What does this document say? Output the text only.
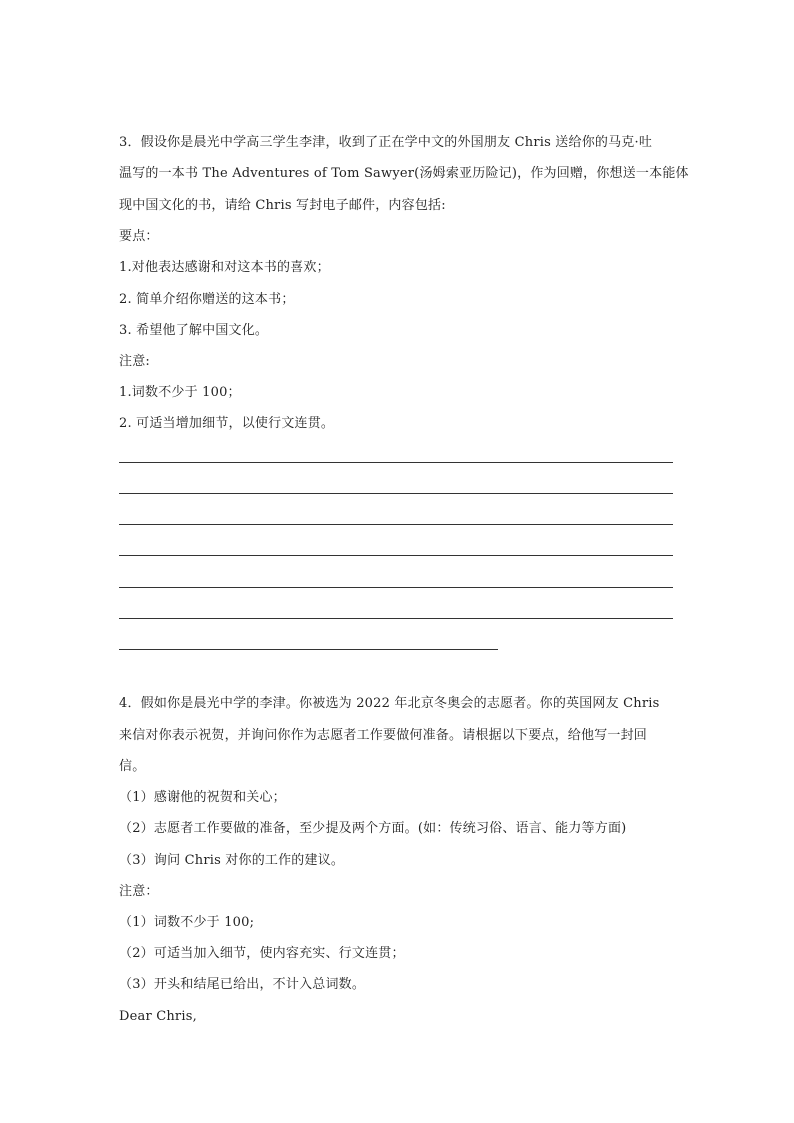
3．假设你是晨光中学高三学生李津，收到了正在学中文的外国朋友 Chris 送给你的马克·吐
温写的一本书 The Adventures of Tom Sawyer(汤姆索亚历险记)，作为回赠，你想送一本能体
现中国文化的书，请给 Chris 写封电子邮件，内容包括:
要点：
1.对他表达感谢和对这本书的喜欢；
2. 简单介绍你赠送的这本书；
3. 希望他了解中国文化。
注意:
1.词数不少于 100；
2. 可适当增加细节，以使行文连贯。
4．假如你是晨光中学的李津。你被选为 2022 年北京冬奥会的志愿者。你的英国网友 Chris
来信对你表示祝贺，并询问你作为志愿者工作要做何准备。请根据以下要点，给他写一封回
信。
（1）感谢他的祝贺和关心；
（2）志愿者工作要做的准备，至少提及两个方面。(如：传统习俗、语言、能力等方面)
（3）询问 Chris 对你的工作的建议。
注意：
（1）词数不少于 100;
（2）可适当加入细节，使内容充实、行文连贯；
（3）开头和结尾已给出，不计入总词数。
Dear Chris,
